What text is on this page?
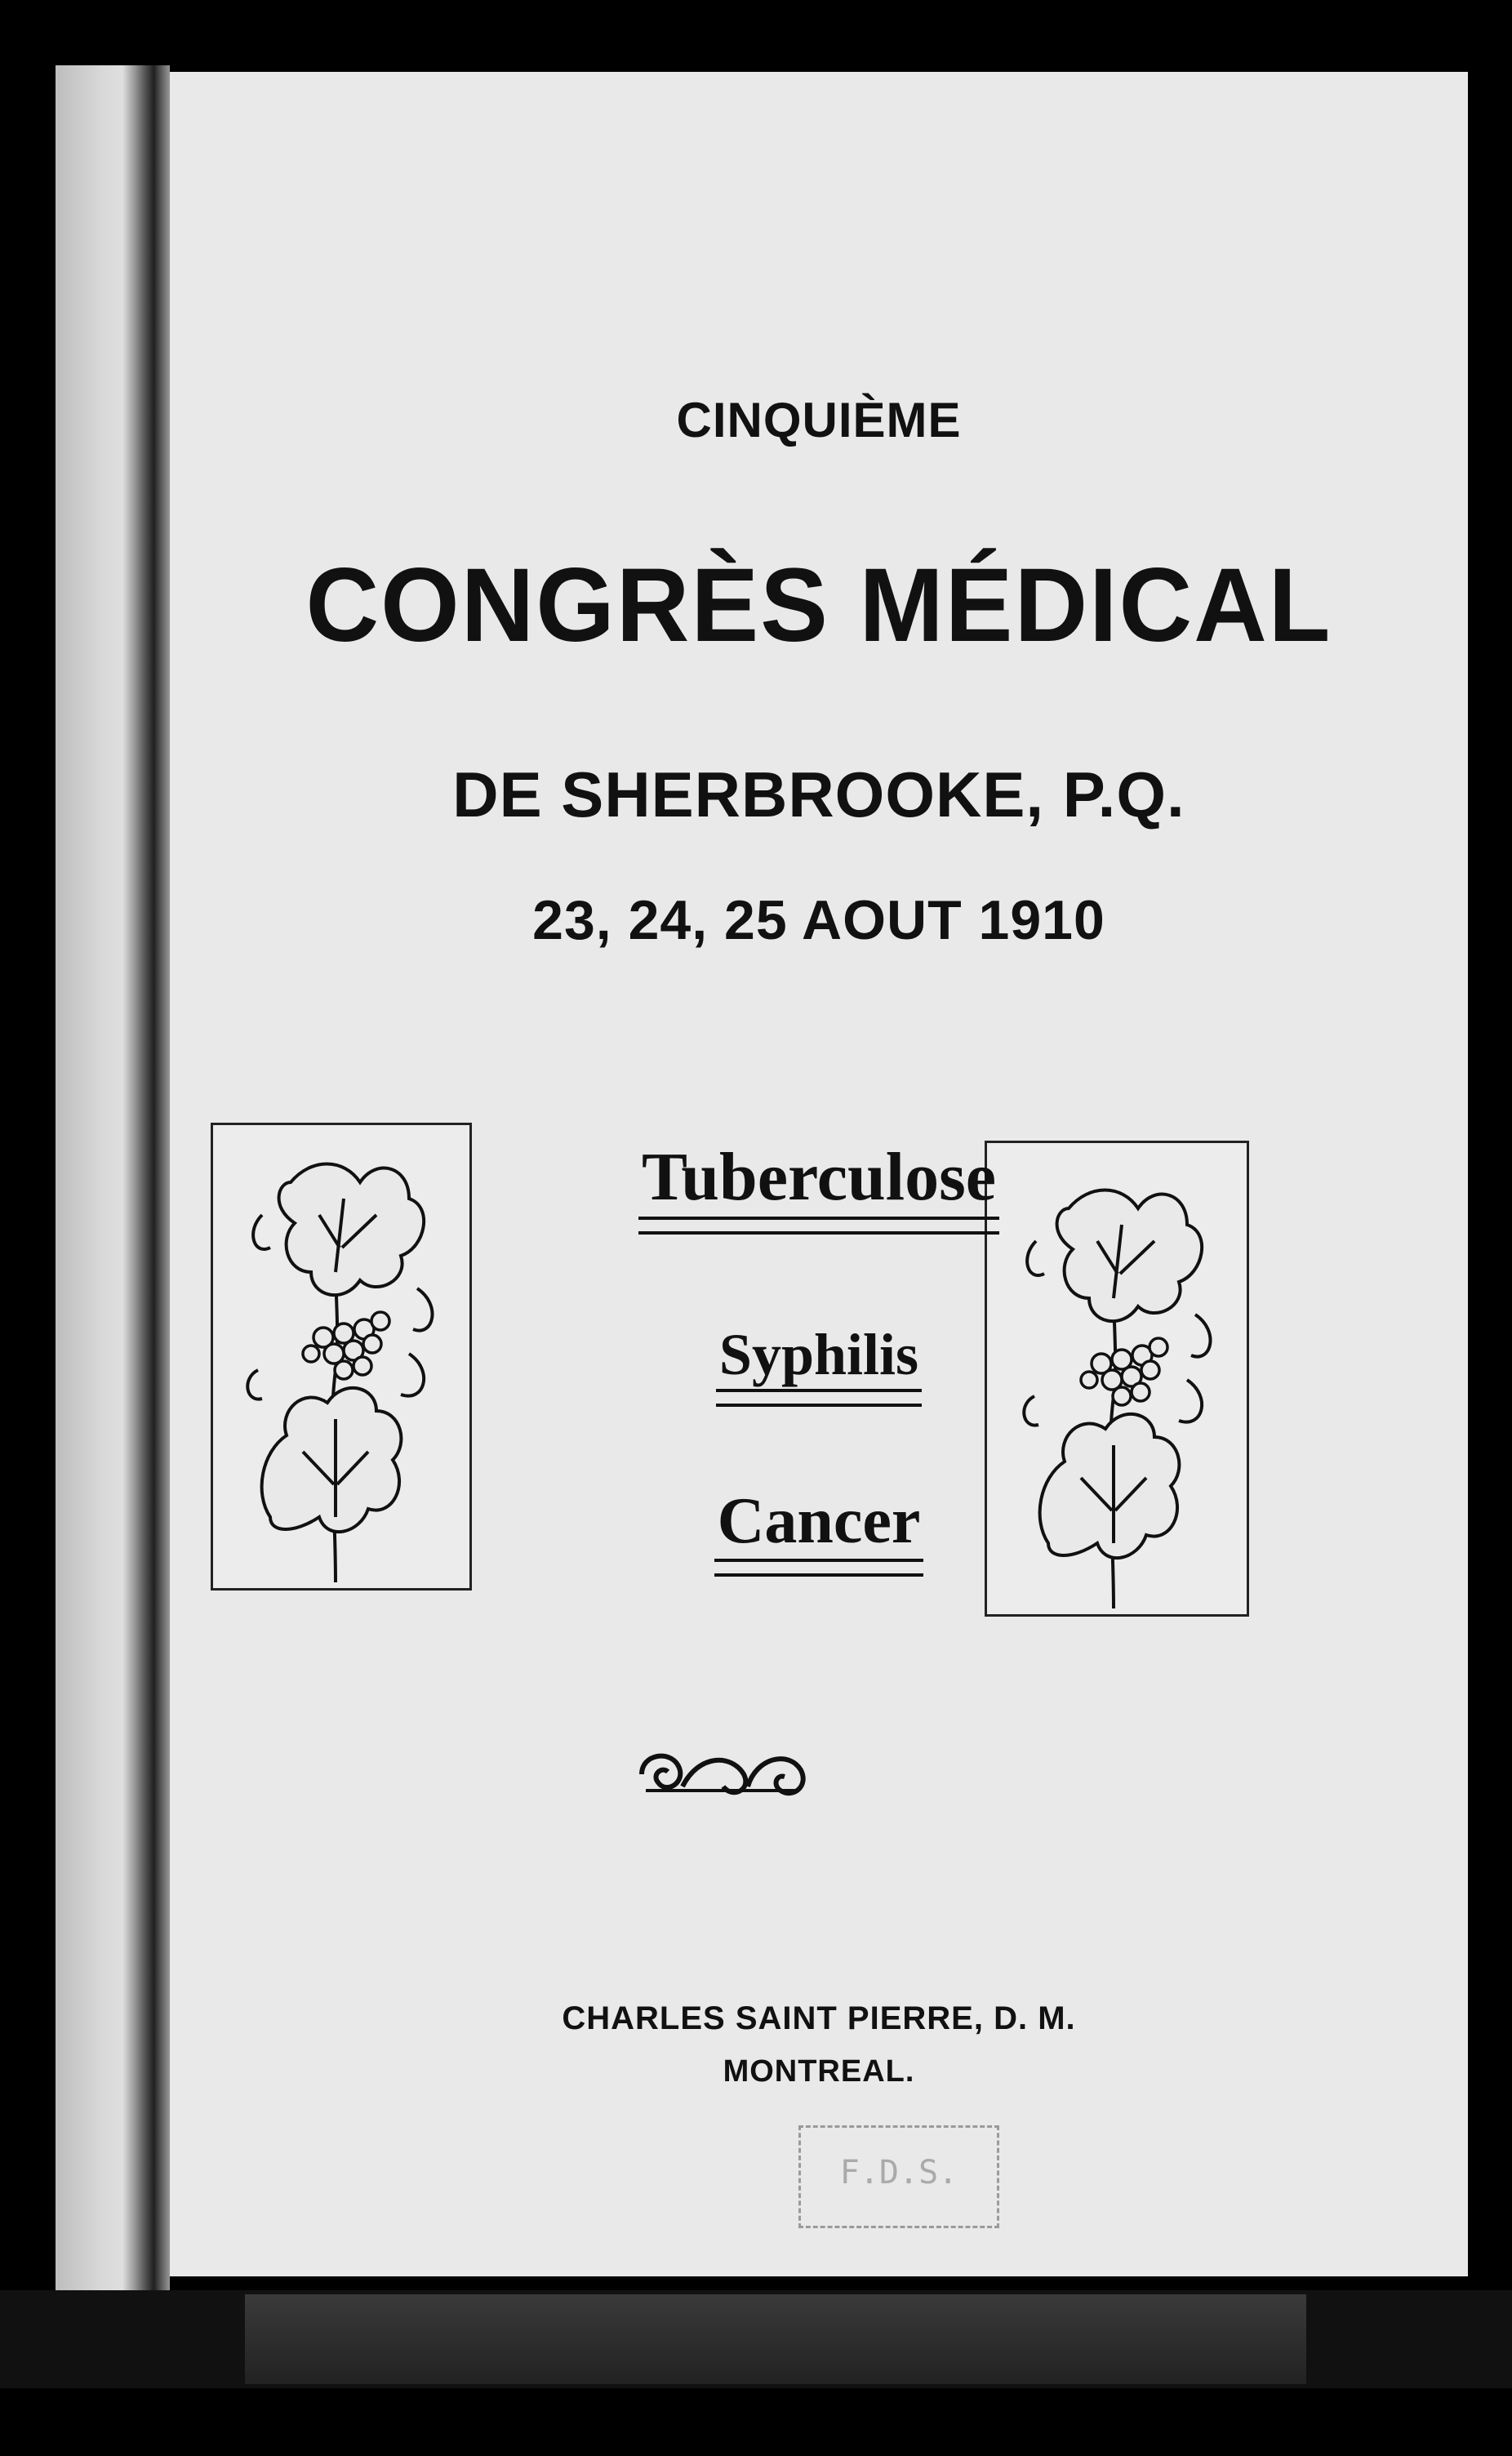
CINQUIÈME
CONGRÈS MÉDICAL
DE SHERBROOKE, P.Q.
23, 24, 25 AOUT 1910
Tuberculose
Syphilis
Cancer
CHARLES SAINT PIERRE, D. M.
MONTREAL.
F.D.S.
